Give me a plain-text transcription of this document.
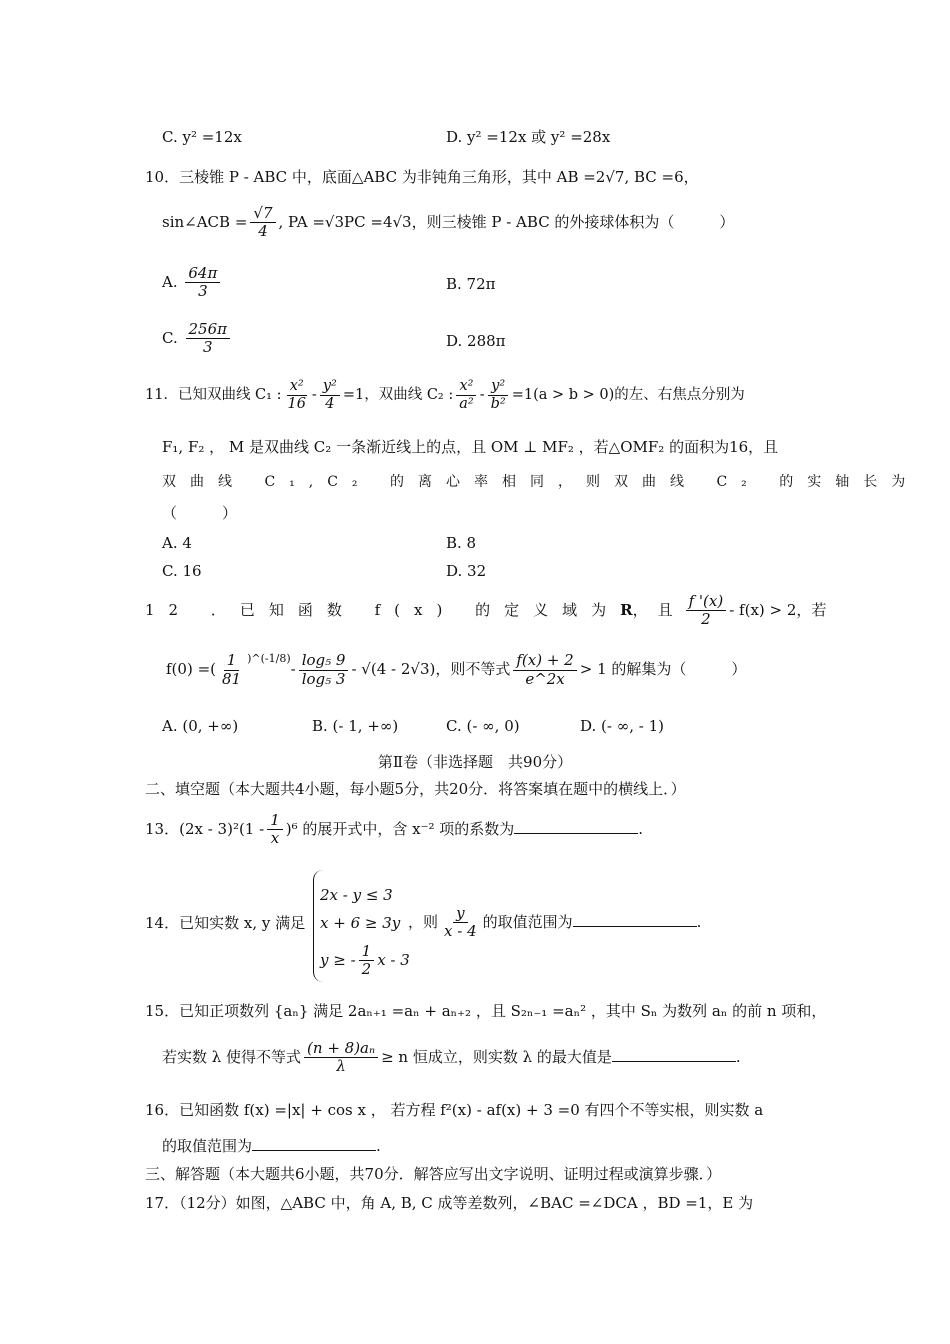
C. y² =12x	D. y² =12x 或 y² =28x
10．三棱锥 P - ABC 中，底面△ABC 为非钝角三角形，其中 AB =2√7, BC =6，
sin∠ACB = $\frac{√7}{4}$ , PA =√3PC =4√3，则三棱锥 P - ABC 的外接球体积为（　　　）
A. $\frac{64\pi}{3}$	B. 72π
C. $\frac{256\pi}{3}$	D. 288π
11．已知双曲线 C₁ : $\frac{\text{x²}}{16} - \frac{\text{y²}}{4} =1$，双曲线 C₂ : $\frac{\text{x²}}{\text{a²}} - \frac{\text{y²}}{\text{b²}} =1(a > b > 0)$的左、右焦点分别为
F₁, F₂ ， M 是双曲线 C₂ 一条渐近线上的点，且 OM ⊥ MF₂ ，若△OMF₂ 的面积为16，且
双曲线 C₁,C₂ 的离心率相同，则双曲线 C₂ 的实轴长为
（　　　）
A. 4	B. 8
C. 16	D. 32
12 ．已知函数 f(x) 的定义域为R，且 $\frac{f '(x)}{2} - f(x) > 2$，若
f(0) =( $\frac{1}{81} ^{)\^{}(-1/8)}- \frac{\text{log₅ 9}}{\text{log₅ 3}} - √(4 - 2√3)$，则不等式 $\frac{f(x) + 2}{e\^{}2x} > 1$ 的解集为（　　　）
A. (0, +∞)	B. (- 1, +∞)	C. (- ∞, 0)	D. (- ∞, - 1)
第Ⅱ卷（非选择题　共90分）
二、填空题（本大题共4小题，每小题5分，共20分．将答案填在题中的横线上．）
13．$(2x - 3)^2(1 - \frac{1}{x} )^6$ 的展开式中，含 x⁻² 项的系数为	.
14．已知实数 x, y 满足
2x - y ≤ 3
x + 6 ≥ 3y
y ≥ - $\frac{1}{2}$ x - 3
，则 $\frac{y}{x - 4}$ 的取值范围为	.
15．已知正项数列 {aₙ} 满足 2aₙ₊₁ =aₙ + aₙ₊₂ ，且 S₂ₙ₋₁ =aₙ² ，其中 Sₙ 为数列 aₙ 的前 n 项和，
若实数 λ 使得不等式 $\frac{\text{(n + 8)aₙ}}{\lambda} \ge n$ 恒成立，则实数 λ 的最大值是	.
16．已知函数 f(x) =|x| + cos x ， 若方程 f²(x) - af(x) + 3 =0 有四个不等实根，则实数 a
的取值范围为	.
三、解答题（本大题共6小题，共70分．解答应写出文字说明、证明过程或演算步骤．）
17．（12分）如图，△ABC 中，角 A, B, C 成等差数列，∠BAC =∠DCA ，BD =1，E 为
